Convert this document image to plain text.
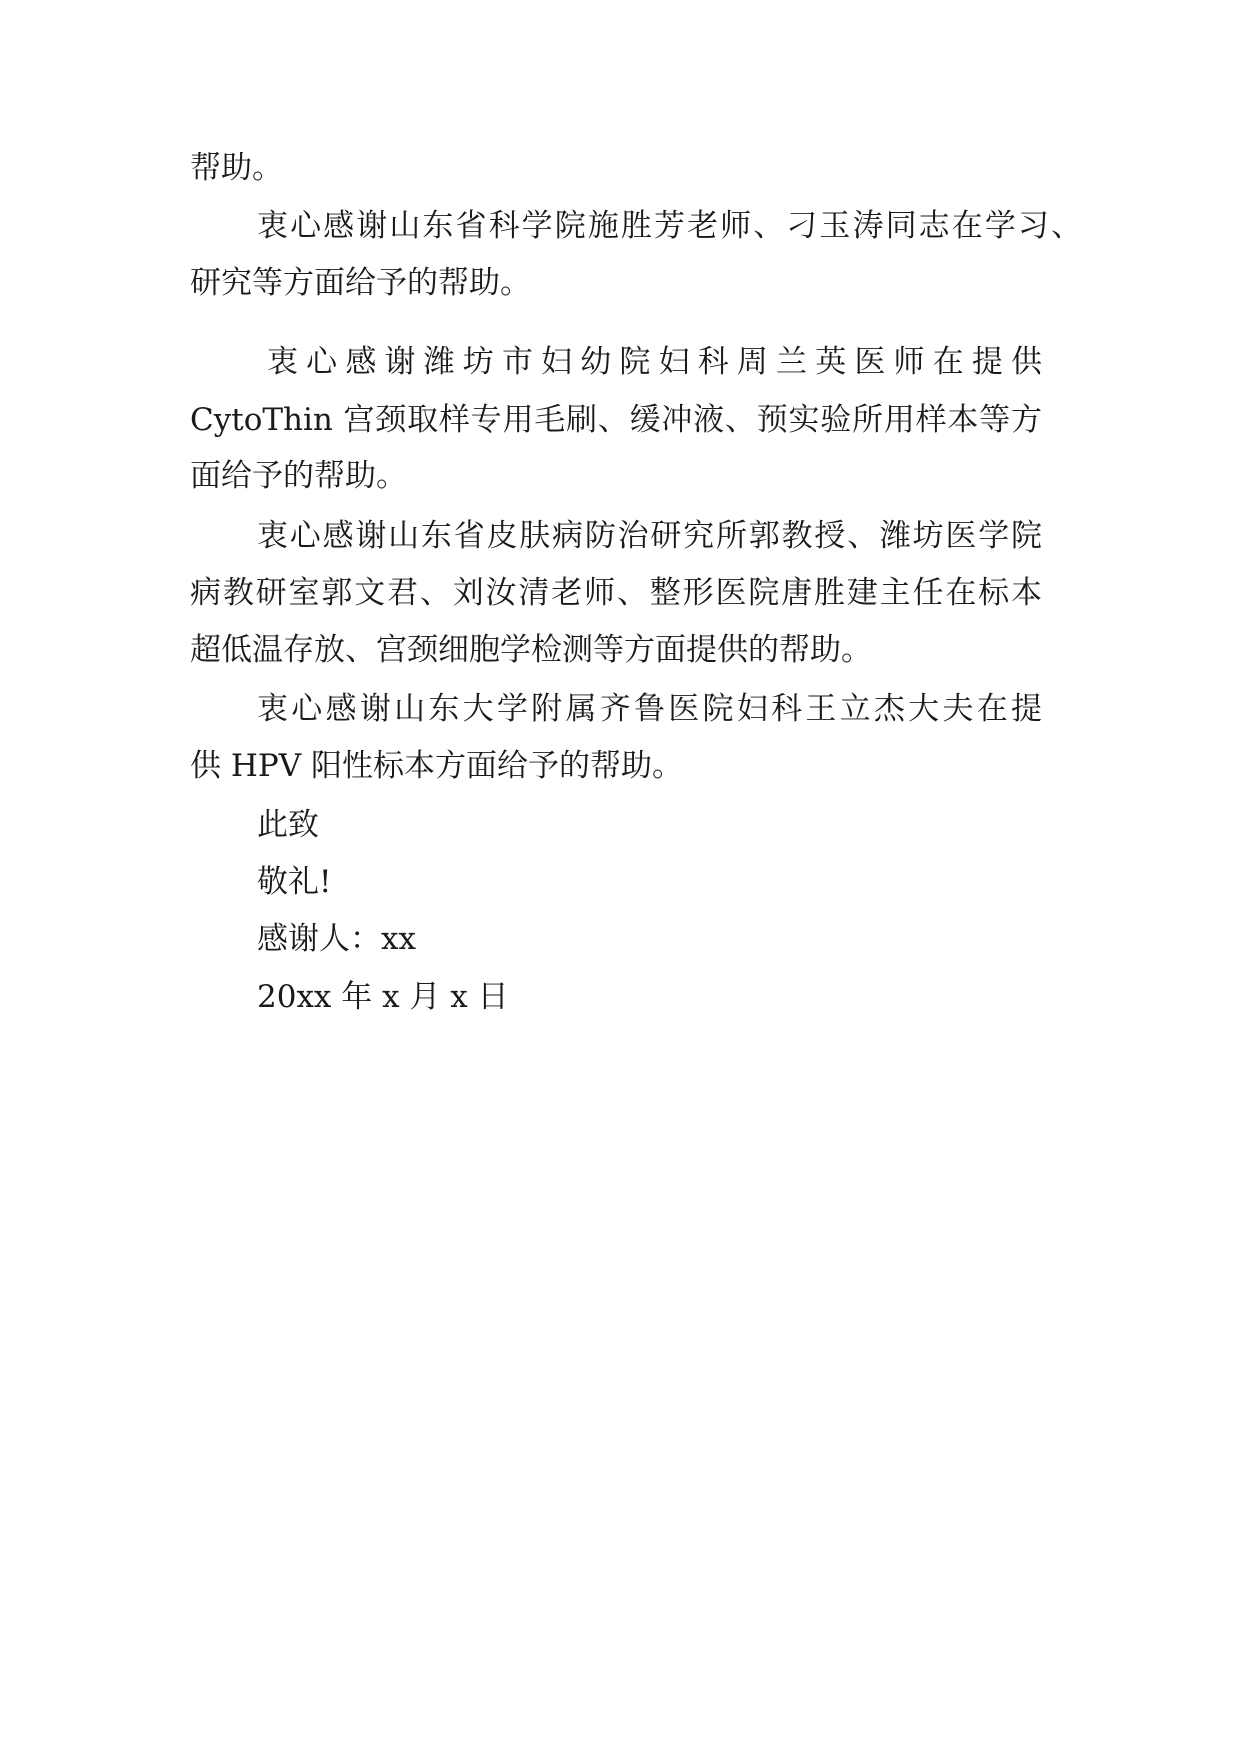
帮助。
衷心感谢山东省科学院施胜芳老师、刁玉涛同志在学习、
研究等方面给予的帮助。
衷心感谢潍坊市妇幼院妇科周兰英医师在提供
CytoThin 宫颈取样专用毛刷、缓冲液、预实验所用样本等方
面给予的帮助。
衷心感谢山东省皮肤病防治研究所郭教授、潍坊医学院
病教研室郭文君、刘汝清老师、整形医院唐胜建主任在标本
超低温存放、宫颈细胞学检测等方面提供的帮助。
衷心感谢山东大学附属齐鲁医院妇科王立杰大夫在提
供 HPV 阳性标本方面给予的帮助。
此致
敬礼!
感谢人：xx
20xx 年 x 月 x 日
